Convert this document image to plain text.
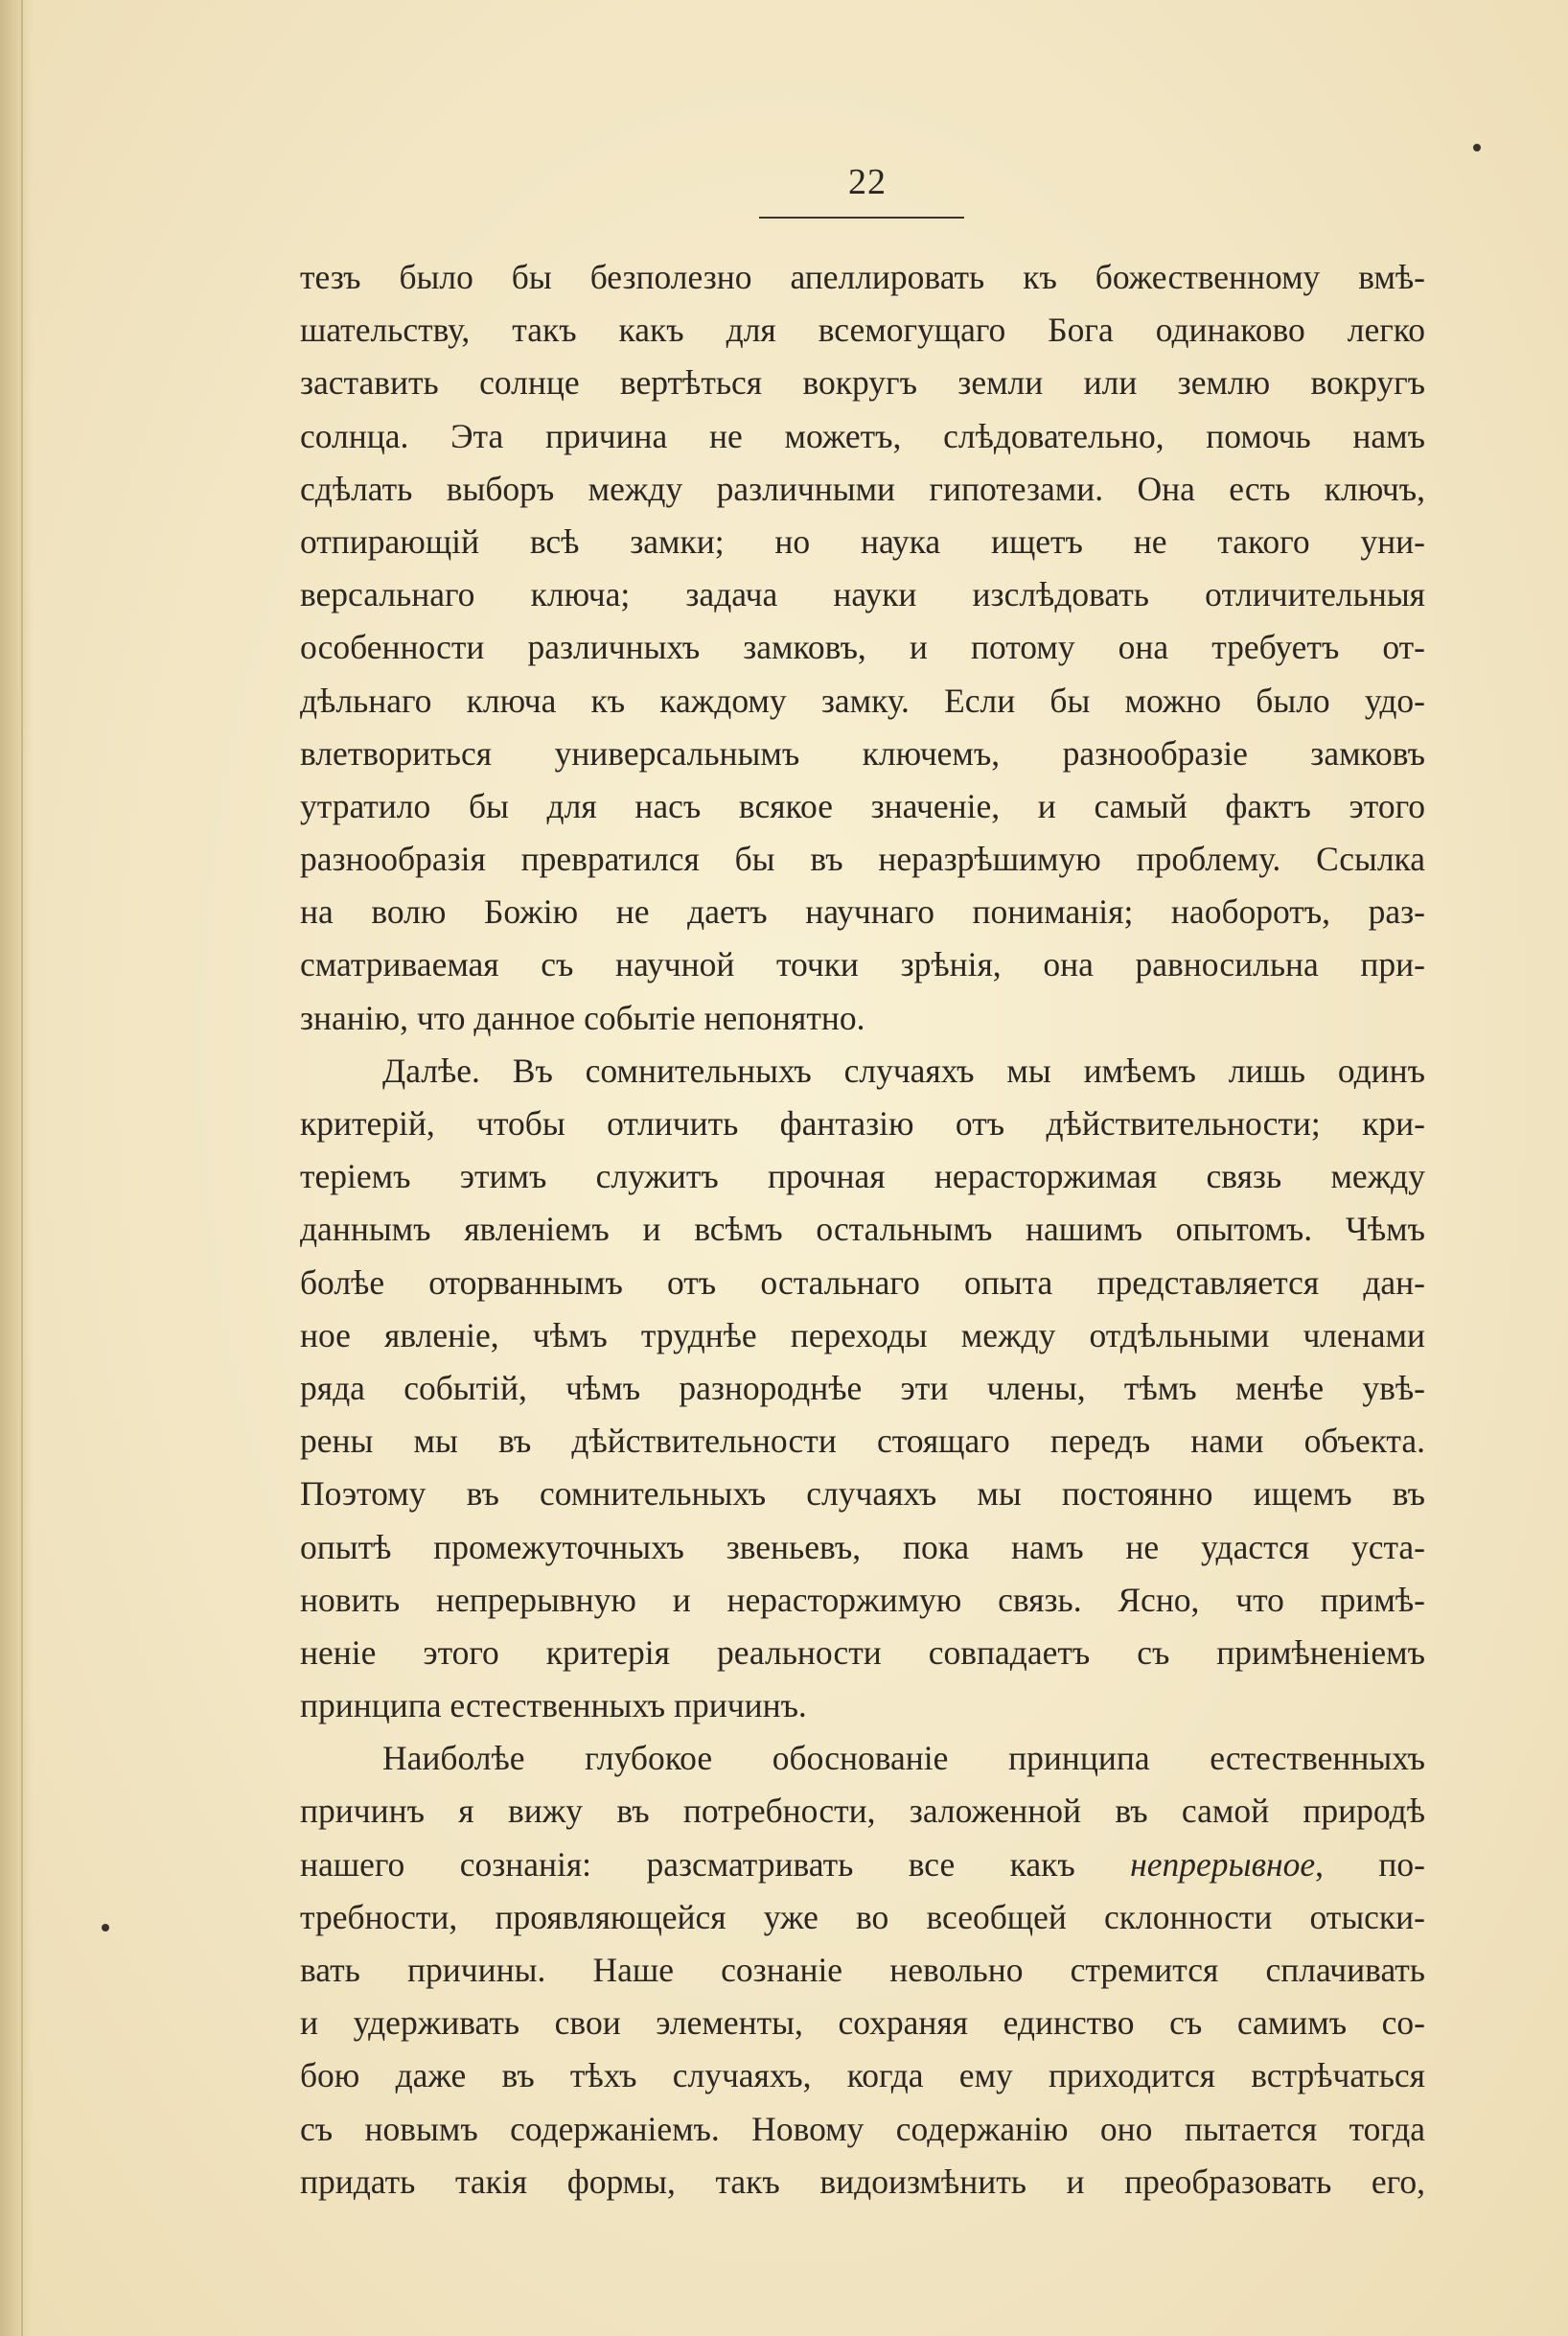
22
тезъ было бы безполезно апеллировать къ божественному вмѣ-
шательству, такъ какъ для всемогущаго Бога одинаково легко
заставить солнце вертѣться вокругъ земли или землю вокругъ
солнца. Эта причина не можетъ, слѣдовательно, помочь намъ
сдѣлать выборъ между различными гипотезами. Она есть ключъ,
отпирающій всѣ замки; но наука ищетъ не такого уни-
версальнаго ключа; задача науки изслѣдовать отличительныя
особенности различныхъ замковъ, и потому она требуетъ от-
дѣльнаго ключа къ каждому замку. Если бы можно было удо-
влетвориться универсальнымъ ключемъ, разнообразіе замковъ
утратило бы для насъ всякое значеніе, и самый фактъ этого
разнообразія превратился бы въ неразрѣшимую проблему. Ссылка
на волю Божію не даетъ научнаго пониманія; наоборотъ, раз-
сматриваемая съ научной точки зрѣнія, она равносильна при-
знанію, что данное событіе непонятно.
Далѣе. Въ сомнительныхъ случаяхъ мы имѣемъ лишь одинъ
критерій, чтобы отличить фантазію отъ дѣйствительности; кри-
теріемъ этимъ служитъ прочная нерасторжимая связь между
даннымъ явленіемъ и всѣмъ остальнымъ нашимъ опытомъ. Чѣмъ
болѣе оторваннымъ отъ остальнаго опыта представляется дан-
ное явленіе, чѣмъ труднѣе переходы между отдѣльными членами
ряда событій, чѣмъ разнороднѣе эти члены, тѣмъ менѣе увѣ-
рены мы въ дѣйствительности стоящаго передъ нами объекта.
Поэтому въ сомнительныхъ случаяхъ мы постоянно ищемъ въ
опытѣ промежуточныхъ звеньевъ, пока намъ не удастся уста-
новить непрерывную и нерасторжимую связь. Ясно, что примѣ-
неніе этого критерія реальности совпадаетъ съ примѣненіемъ
принципа естественныхъ причинъ.
Наиболѣе глубокое обоснованіе принципа естественныхъ
причинъ я вижу въ потребности, заложенной въ самой природѣ
нашего сознанія: разсматривать все какъ непрерывное, по-
требности, проявляющейся уже во всеобщей склонности отыски-
вать причины. Наше сознаніе невольно стремится сплачивать
и удерживать свои элементы, сохраняя единство съ самимъ со-
бою даже въ тѣхъ случаяхъ, когда ему приходится встрѣчаться
съ новымъ содержаніемъ. Новому содержанію оно пытается тогда
придать такія формы, такъ видоизмѣнить и преобразовать его,
